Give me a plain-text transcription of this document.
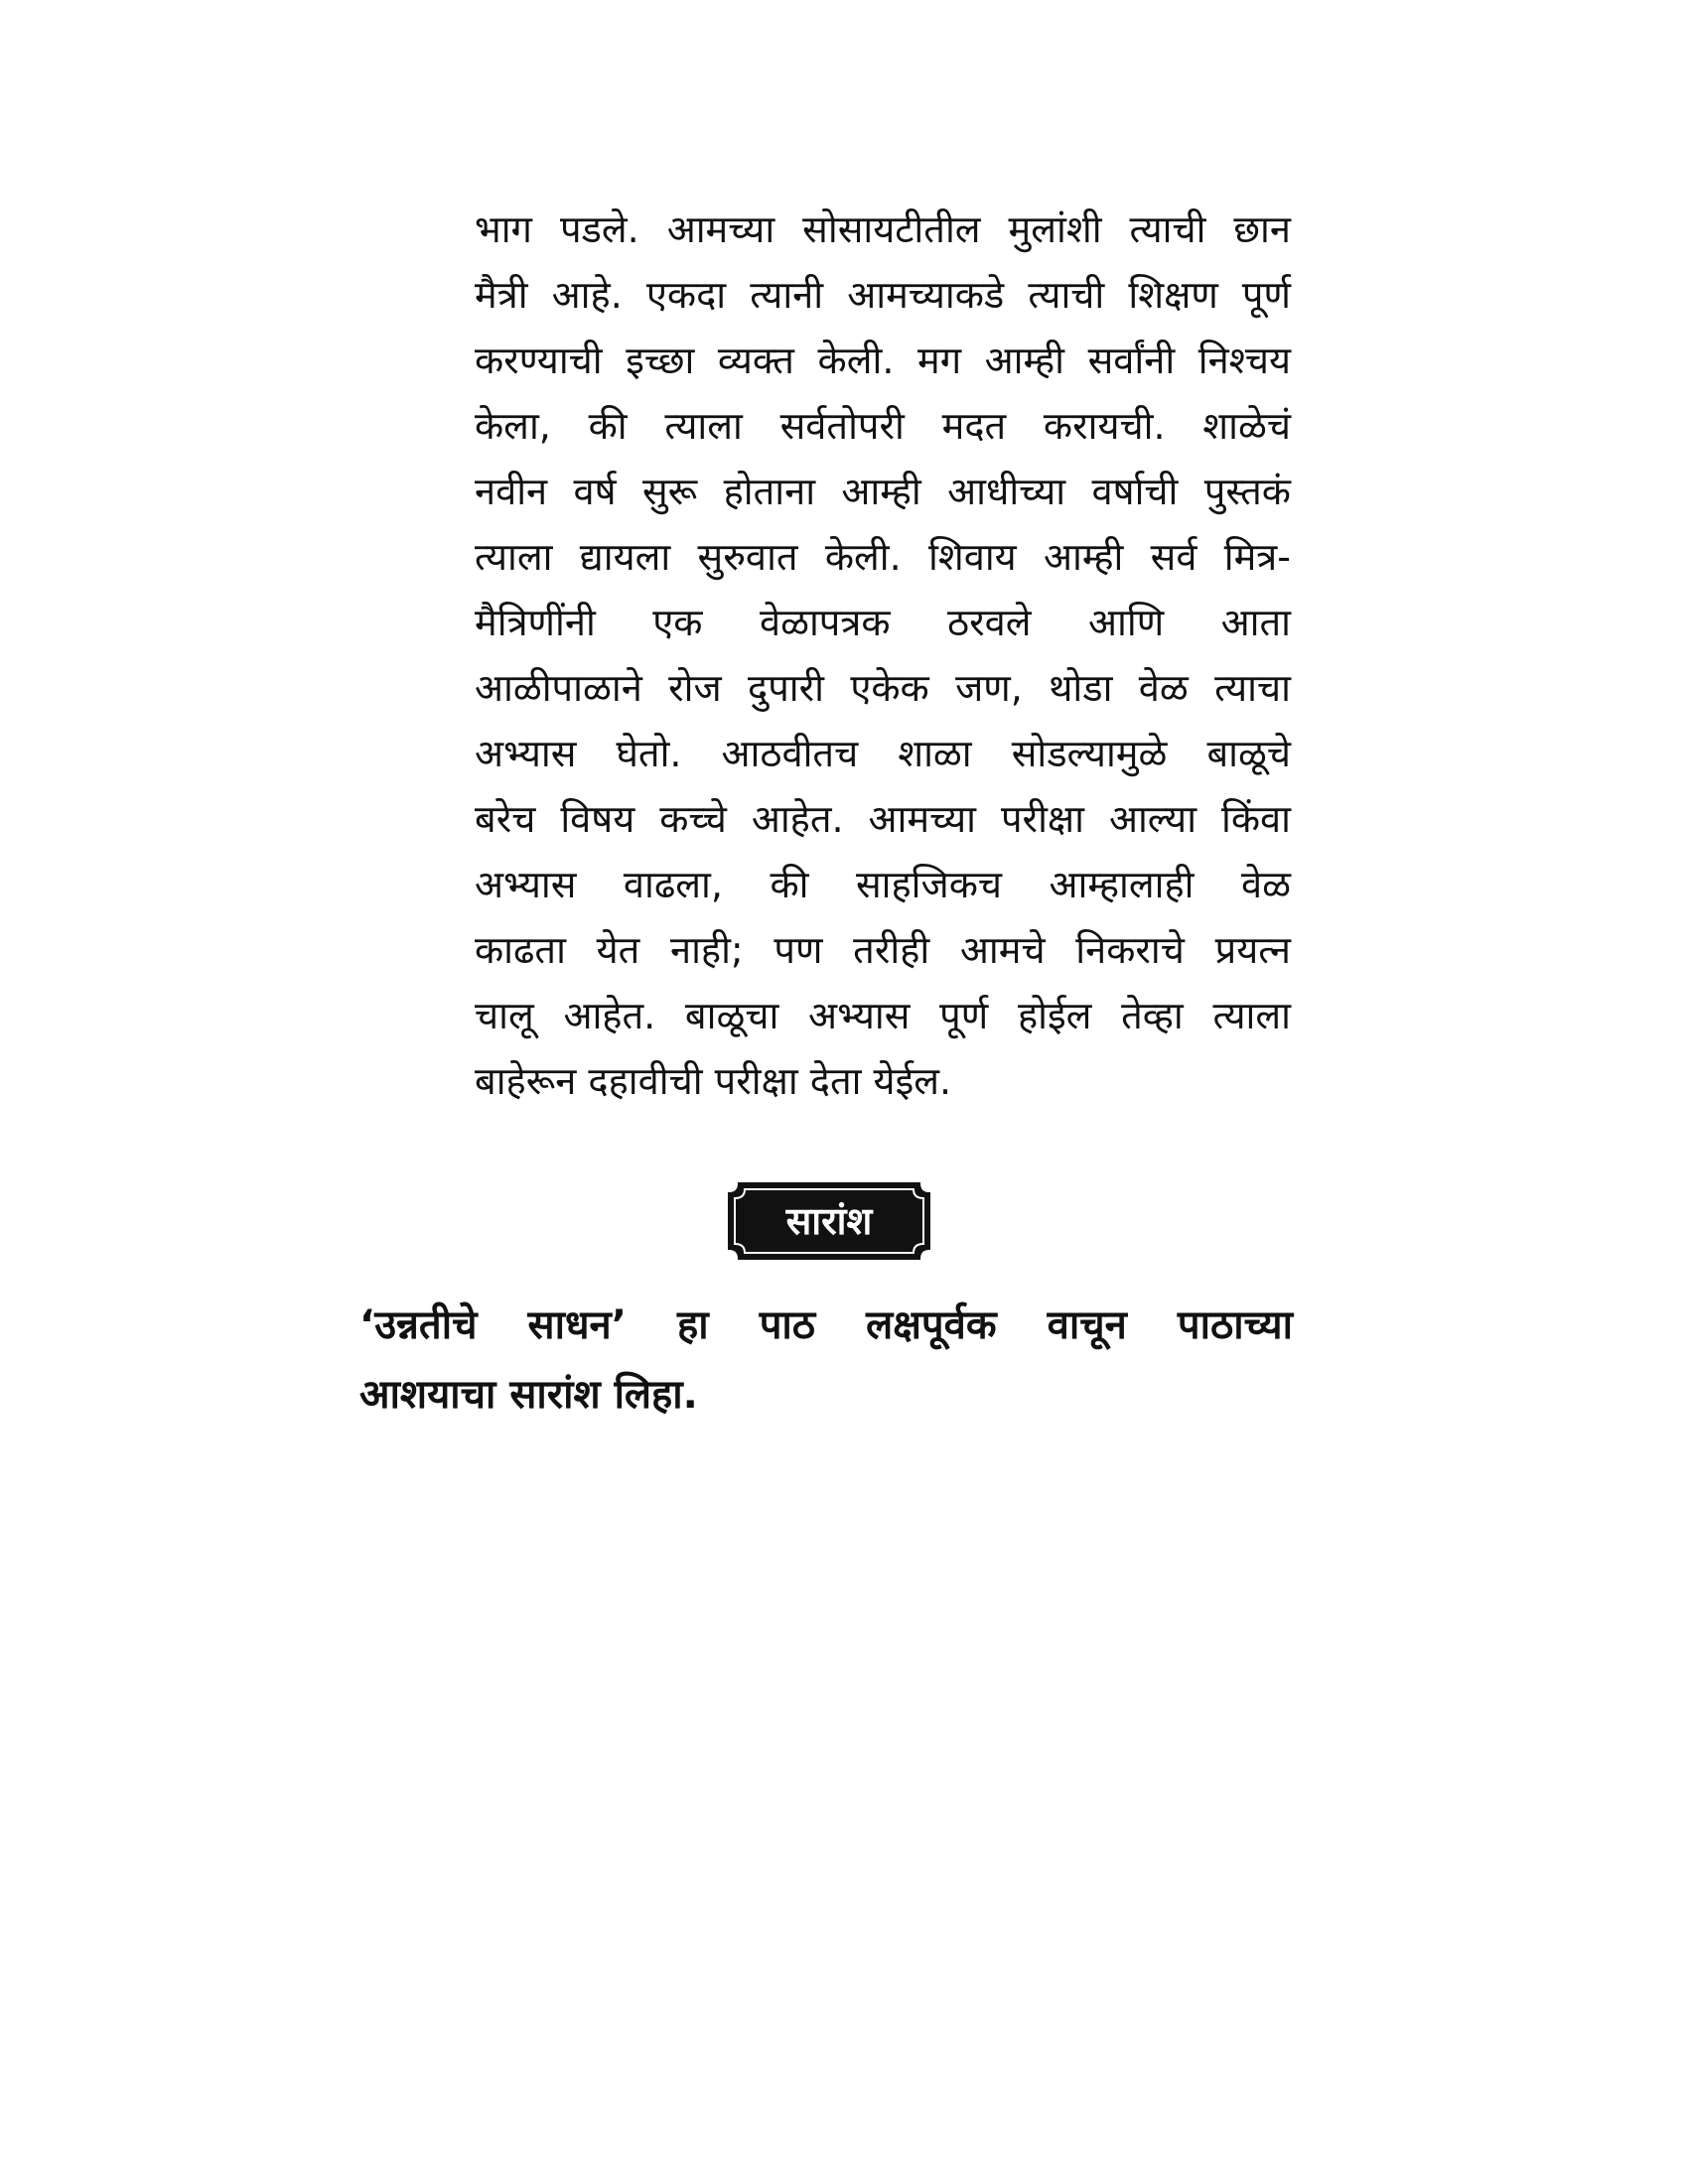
भाग पडले. आमच्या सोसायटीतील मुलांशी त्याची छान
मैत्री आहे. एकदा त्यानी आमच्याकडे त्याची शिक्षण पूर्ण
करण्याची इच्छा व्यक्त केली. मग आम्ही सर्वांनी निश्चय
केला, की त्याला सर्वतोपरी मदत करायची. शाळेचं
नवीन वर्ष सुरू होताना आम्ही आधीच्या वर्षाची पुस्तकं
त्याला द्यायला सुरुवात केली. शिवाय आम्ही सर्व मित्र-
मैत्रिणींनी एक वेळापत्रक ठरवले आणि आता
आळीपाळाने रोज दुपारी एकेक जण, थोडा वेळ त्याचा
अभ्यास घेतो. आठवीतच शाळा सोडल्यामुळे बाळूचे
बरेच विषय कच्चे आहेत. आमच्या परीक्षा आल्या किंवा
अभ्यास वाढला, की साहजिकच आम्हालाही वेळ
काढता येत नाही; पण तरीही आमचे निकराचे प्रयत्न
चालू आहेत. बाळूचा अभ्यास पूर्ण होईल तेव्हा त्याला
बाहेरून दहावीची परीक्षा देता येईल.
सारांश
‘उन्नतीचे साधन’ हा पाठ लक्षपूर्वक वाचून पाठाच्या
आशयाचा सारांश लिहा.
